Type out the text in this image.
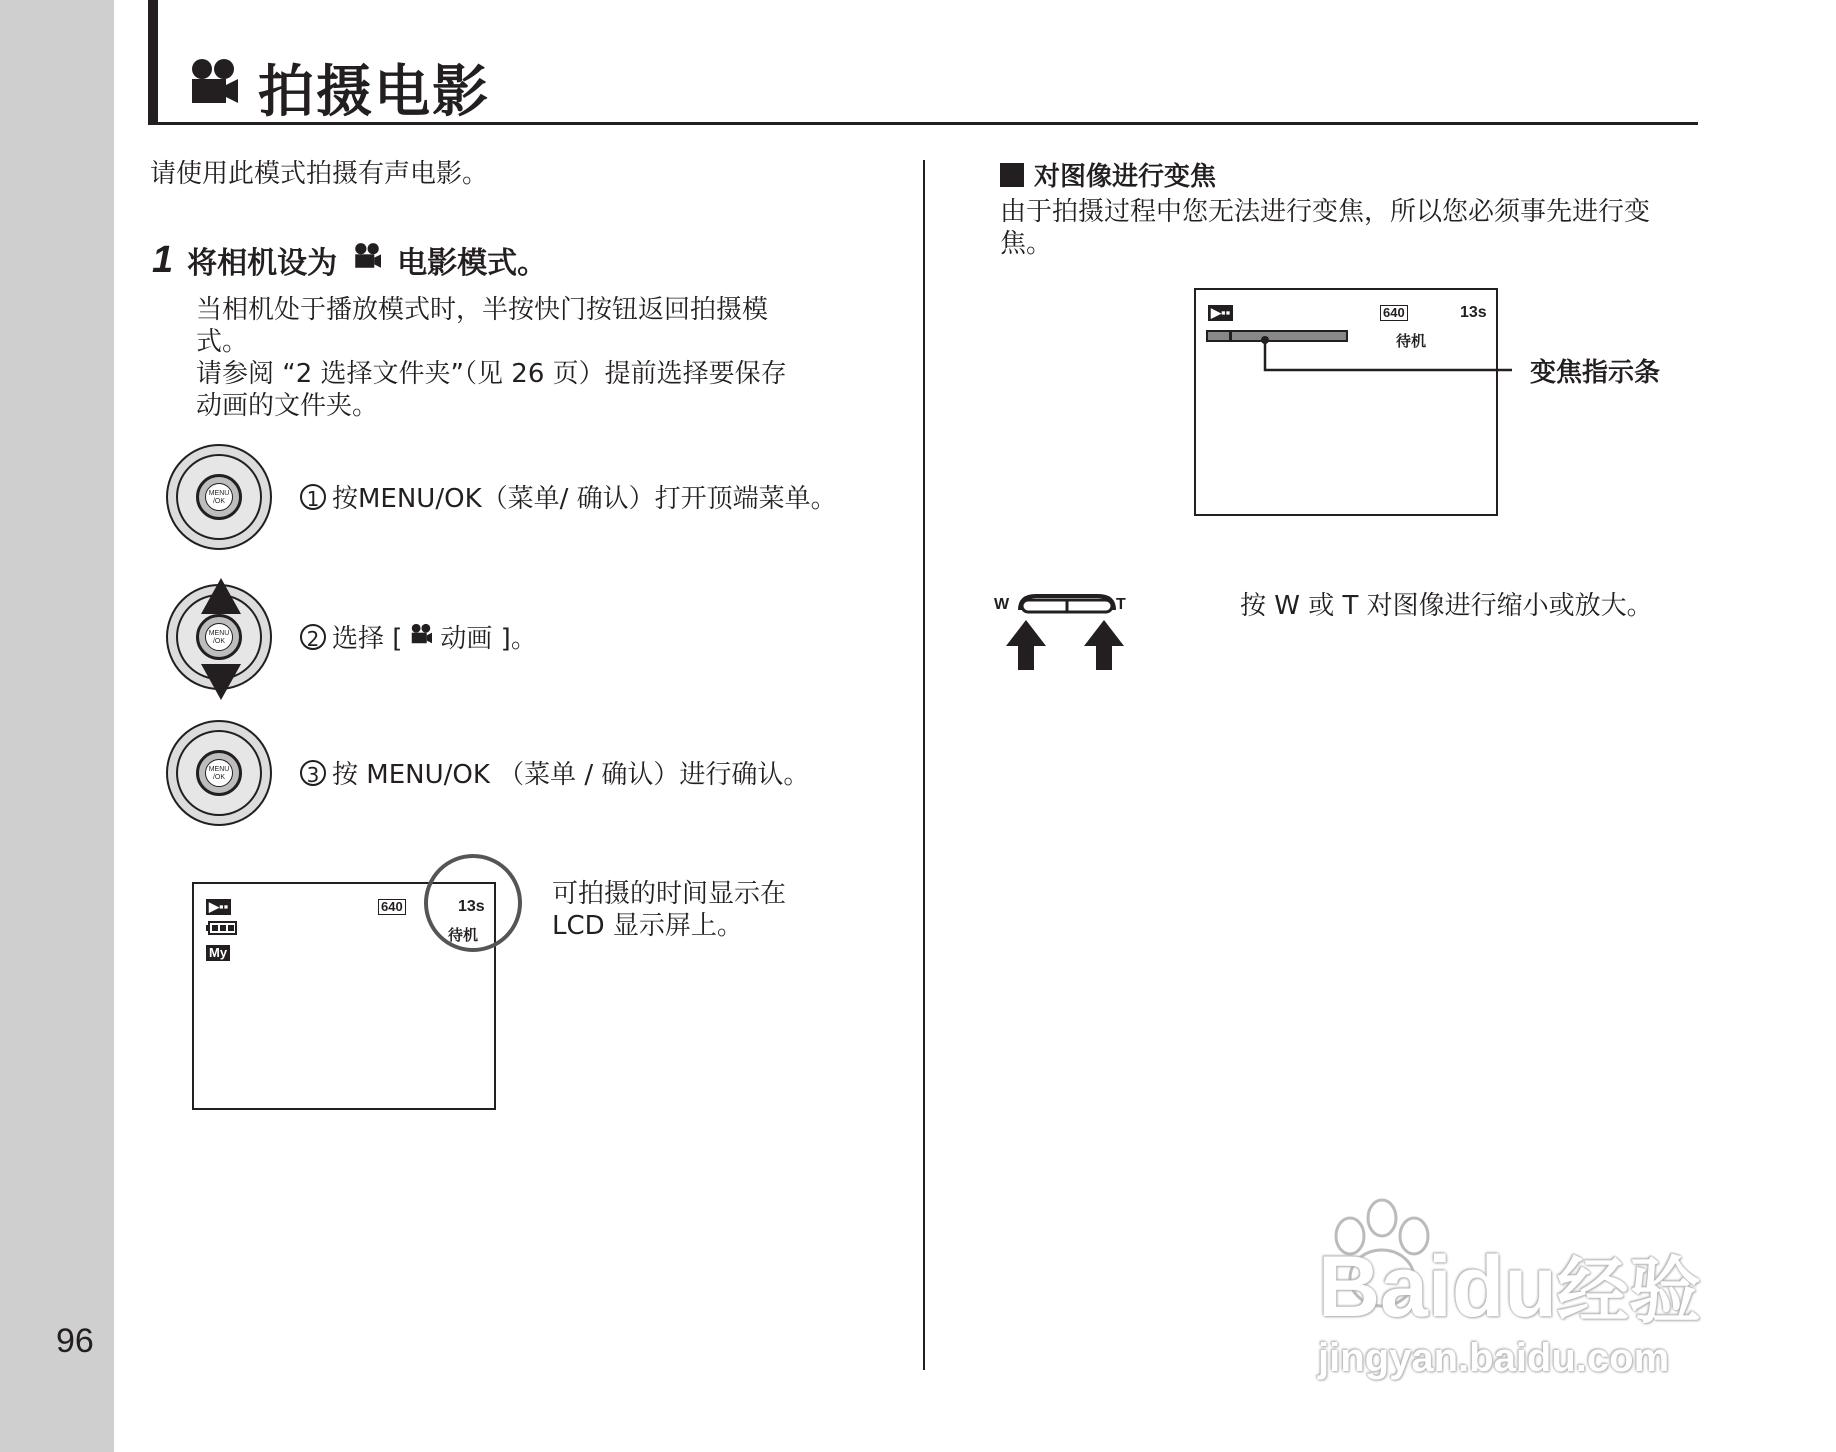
96
拍摄电影
请使用此模式拍摄有声电影。
1 将相机设为 电影模式。
当相机处于播放模式时，半按快门按钮返回拍摄模
式。
请参阅 “2 选择文件夹”（见 26 页）提前选择要保存
动画的文件夹。
MENU
/OK	1 按MENU/OK（菜单/ 确认）打开顶端菜单。
MENU
/OK	2 选择 [ 动画 ]。
MENU
/OK	3 按 MENU/OK （菜单 / 确认）进行确认。
▶▪▪
My
640	13s
待机
可拍摄的时间显示在
LCD 显示屏上。
对图像进行变焦
由于拍摄过程中您无法进行变焦，所以您必须事先进行变
焦。
▶▪▪	640	13s
待机
变焦指示条
W	T	按 W 或 T 对图像进行缩小或放大。
Baidu经验
jingyan.baidu.com
